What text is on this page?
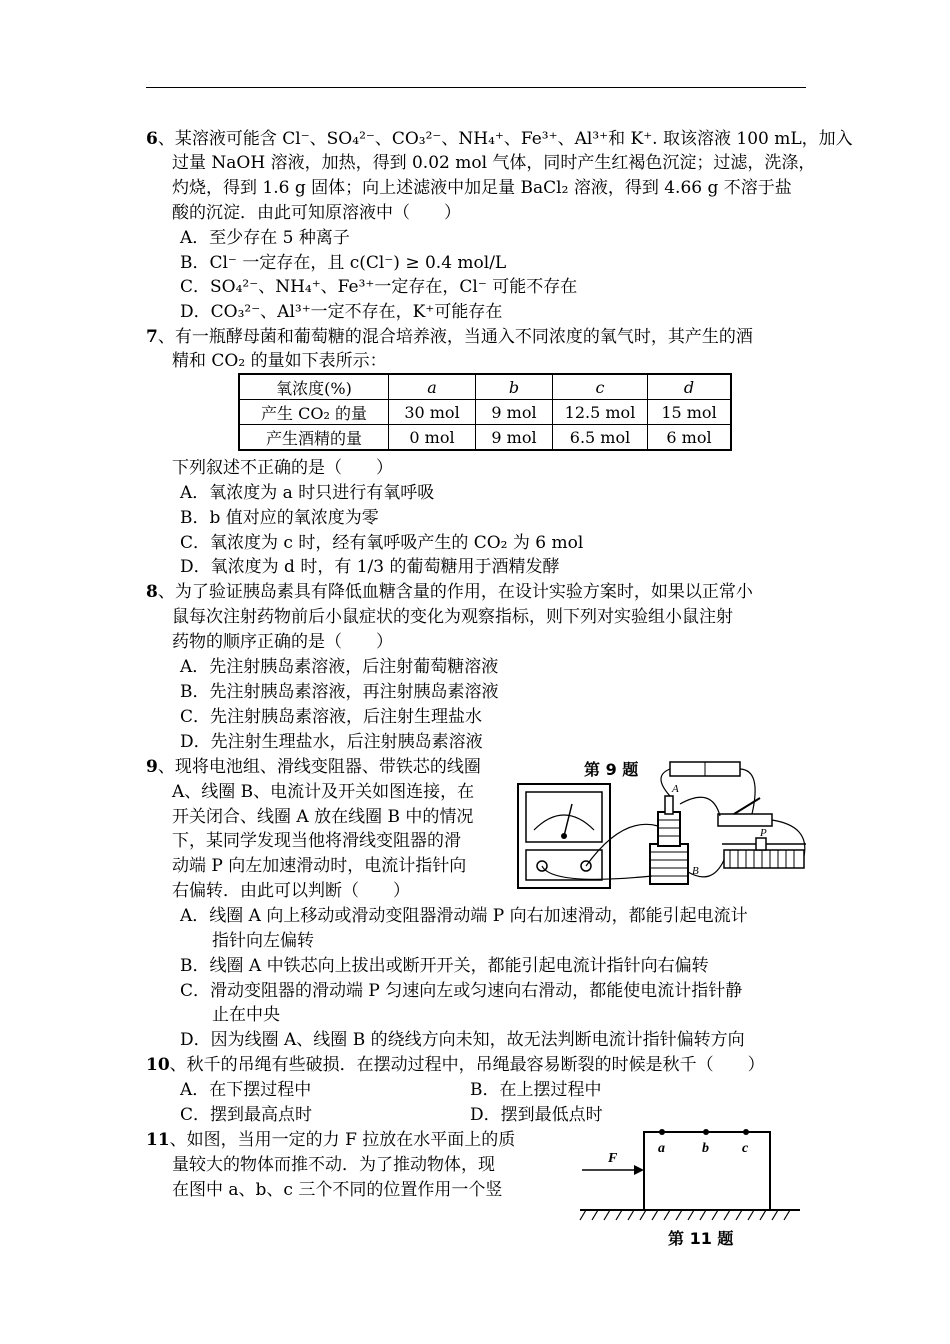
6、某溶液可能含 Cl⁻、SO₄²⁻、CO₃²⁻、NH₄⁺、Fe³⁺、Al³⁺和 K⁺. 取该溶液 100 mL，加入
过量 NaOH 溶液，加热，得到 0.02 mol 气体，同时产生红褐色沉淀；过滤，洗涤，
灼烧，得到 1.6 g 固体；向上述滤液中加足量 BaCl₂ 溶液，得到 4.66 g 不溶于盐
酸的沉淀．由此可知原溶液中（　　）
A．至少存在 5 种离子
B．Cl⁻ 一定存在，且 c(Cl⁻) ≥ 0.4 mol/L
C．SO₄²⁻、NH₄⁺、Fe³⁺一定存在，Cl⁻ 可能不存在
D．CO₃²⁻、Al³⁺一定不存在，K⁺可能存在
7、有一瓶酵母菌和葡萄糖的混合培养液，当通入不同浓度的氧气时，其产生的酒
精和 CO₂ 的量如下表所示：
氧浓度(%)	a	b	c	d
产生 CO₂ 的量	30 mol	9 mol	12.5 mol	15 mol
产生酒精的量	0 mol	9 mol	6.5 mol	6 mol
下列叙述不正确的是（　　）
A．氧浓度为 a 时只进行有氧呼吸
B．b 值对应的氧浓度为零
C．氧浓度为 c 时，经有氧呼吸产生的 CO₂ 为 6 mol
D．氧浓度为 d 时，有 1/3 的葡萄糖用于酒精发酵
8、为了验证胰岛素具有降低血糖含量的作用，在设计实验方案时，如果以正常小
鼠每次注射药物前后小鼠症状的变化为观察指标，则下列对实验组小鼠注射
药物的顺序正确的是（　　）
A．先注射胰岛素溶液，后注射葡萄糖溶液
B．先注射胰岛素溶液，再注射胰岛素溶液
C．先注射胰岛素溶液，后注射生理盐水
D．先注射生理盐水，后注射胰岛素溶液
9、现将电池组、滑线变阻器、带铁芯的线圈
A、线圈 B、电流计及开关如图连接，在
开关闭合、线圈 A 放在线圈 B 中的情况
下，某同学发现当他将滑线变阻器的滑
动端 P 向左加速滑动时，电流计指针向
右偏转．由此可以判断（　　）
第 9 题
A
B
P
A．线圈 A 向上移动或滑动变阻器滑动端 P 向右加速滑动，都能引起电流计
指针向左偏转
B．线圈 A 中铁芯向上拔出或断开开关，都能引起电流计指针向右偏转
C．滑动变阻器的滑动端 P 匀速向左或匀速向右滑动，都能使电流计指针静
止在中央
D．因为线圈 A、线圈 B 的绕线方向未知，故无法判断电流计指针偏转方向
10、秋千的吊绳有些破损．在摆动过程中，吊绳最容易断裂的时候是秋千（　　）
A．在下摆过程中	B．在上摆过程中
C．摆到最高点时	D．摆到最低点时
11、如图，当用一定的力 F 拉放在水平面上的质
量较大的物体而推不动．为了推动物体，现
在图中 a、b、c 三个不同的位置作用一个竖
F
a	b c
第 11 题
